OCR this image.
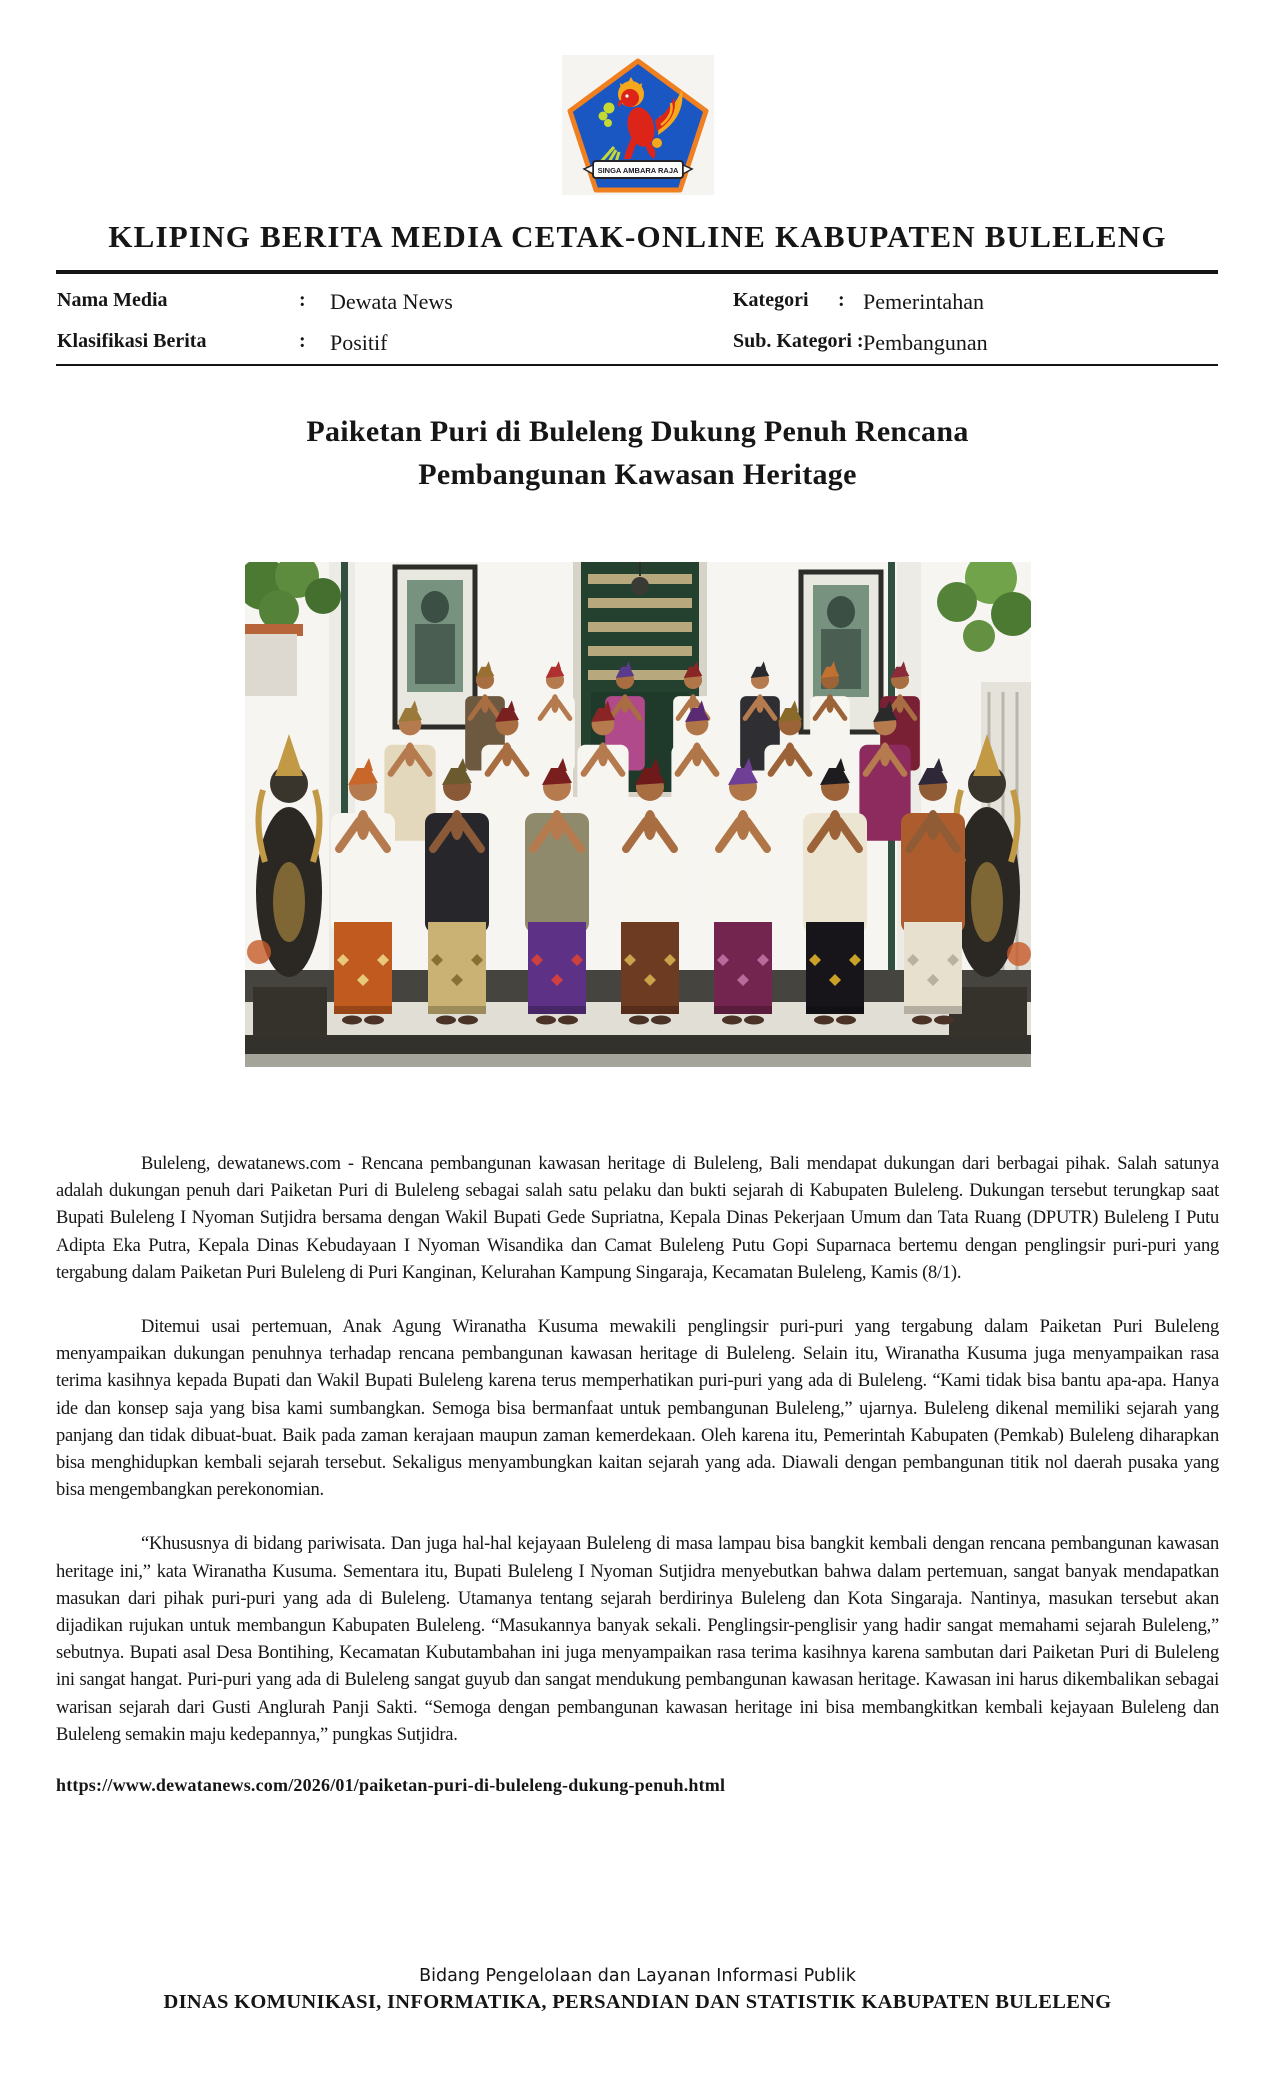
SINGA AMBARA RAJA
KLIPING BERITA MEDIA CETAK-ONLINE KABUPATEN BULELENG
Nama Media	: Dewata News	Kategori : Pemerintahan
Klasifikasi Berita	: Positif	Sub. Kategori : Pembangunan
Paiketan Puri di Buleleng Dukung Penuh Rencana
Pembangunan Kawasan Heritage

Buleleng, dewatanews.com - Rencana pembangunan kawasan heritage di Buleleng, Bali mendapat dukungan dari berbagai pihak. Salah satunya adalah dukungan penuh dari Paiketan Puri di Buleleng sebagai salah satu pelaku dan bukti sejarah di Kabupaten Buleleng. Dukungan tersebut terungkap saat Bupati Buleleng I Nyoman Sutjidra bersama dengan Wakil Bupati Gede Supriatna, Kepala Dinas Pekerjaan Umum dan Tata Ruang (DPUTR) Buleleng I Putu Adipta Eka Putra, Kepala Dinas Kebudayaan I Nyoman Wisandika dan Camat Buleleng Putu Gopi Suparnaca bertemu dengan penglingsir puri-puri yang tergabung dalam Paiketan Puri Buleleng di Puri Kanginan, Kelurahan Kampung Singaraja, Kecamatan Buleleng, Kamis (8/1).

Ditemui usai pertemuan, Anak Agung Wiranatha Kusuma mewakili penglingsir puri-puri yang tergabung dalam Paiketan Puri Buleleng menyampaikan dukungan penuhnya terhadap rencana pembangunan kawasan heritage di Buleleng. Selain itu, Wiranatha Kusuma juga menyampaikan rasa terima kasihnya kepada Bupati dan Wakil Bupati Buleleng karena terus memperhatikan puri-puri yang ada di Buleleng. “Kami tidak bisa bantu apa-apa. Hanya ide dan konsep saja yang bisa kami sumbangkan. Semoga bisa bermanfaat untuk pembangunan Buleleng,” ujarnya. Buleleng dikenal memiliki sejarah yang panjang dan tidak dibuat-buat. Baik pada zaman kerajaan maupun zaman kemerdekaan. Oleh karena itu, Pemerintah Kabupaten (Pemkab) Buleleng diharapkan bisa menghidupkan kembali sejarah tersebut. Sekaligus menyambungkan kaitan sejarah yang ada. Diawali dengan pembangunan titik nol daerah pusaka yang bisa mengembangkan perekonomian.

“Khususnya di bidang pariwisata. Dan juga hal-hal kejayaan Buleleng di masa lampau bisa bangkit kembali dengan rencana pembangunan kawasan heritage ini,” kata Wiranatha Kusuma. Sementara itu, Bupati Buleleng I Nyoman Sutjidra menyebutkan bahwa dalam pertemuan, sangat banyak mendapatkan masukan dari pihak puri-puri yang ada di Buleleng. Utamanya tentang sejarah berdirinya Buleleng dan Kota Singaraja. Nantinya, masukan tersebut akan dijadikan rujukan untuk membangun Kabupaten Buleleng. “Masukannya banyak sekali. Penglingsir-penglisir yang hadir sangat memahami sejarah Buleleng,” sebutnya. Bupati asal Desa Bontihing, Kecamatan Kubutambahan ini juga menyampaikan rasa terima kasihnya karena sambutan dari Paiketan Puri di Buleleng ini sangat hangat. Puri-puri yang ada di Buleleng sangat guyub dan sangat mendukung pembangunan kawasan heritage. Kawasan ini harus dikembalikan sebagai warisan sejarah dari Gusti Anglurah Panji Sakti. “Semoga dengan pembangunan kawasan heritage ini bisa membangkitkan kembali kejayaan Buleleng dan Buleleng semakin maju kedepannya,” pungkas Sutjidra.

https://www.dewatanews.com/2026/01/paiketan-puri-di-buleleng-dukung-penuh.html
Bidang Pengelolaan dan Layanan Informasi Publik
DINAS KOMUNIKASI, INFORMATIKA, PERSANDIAN DAN STATISTIK KABUPATEN BULELENG
